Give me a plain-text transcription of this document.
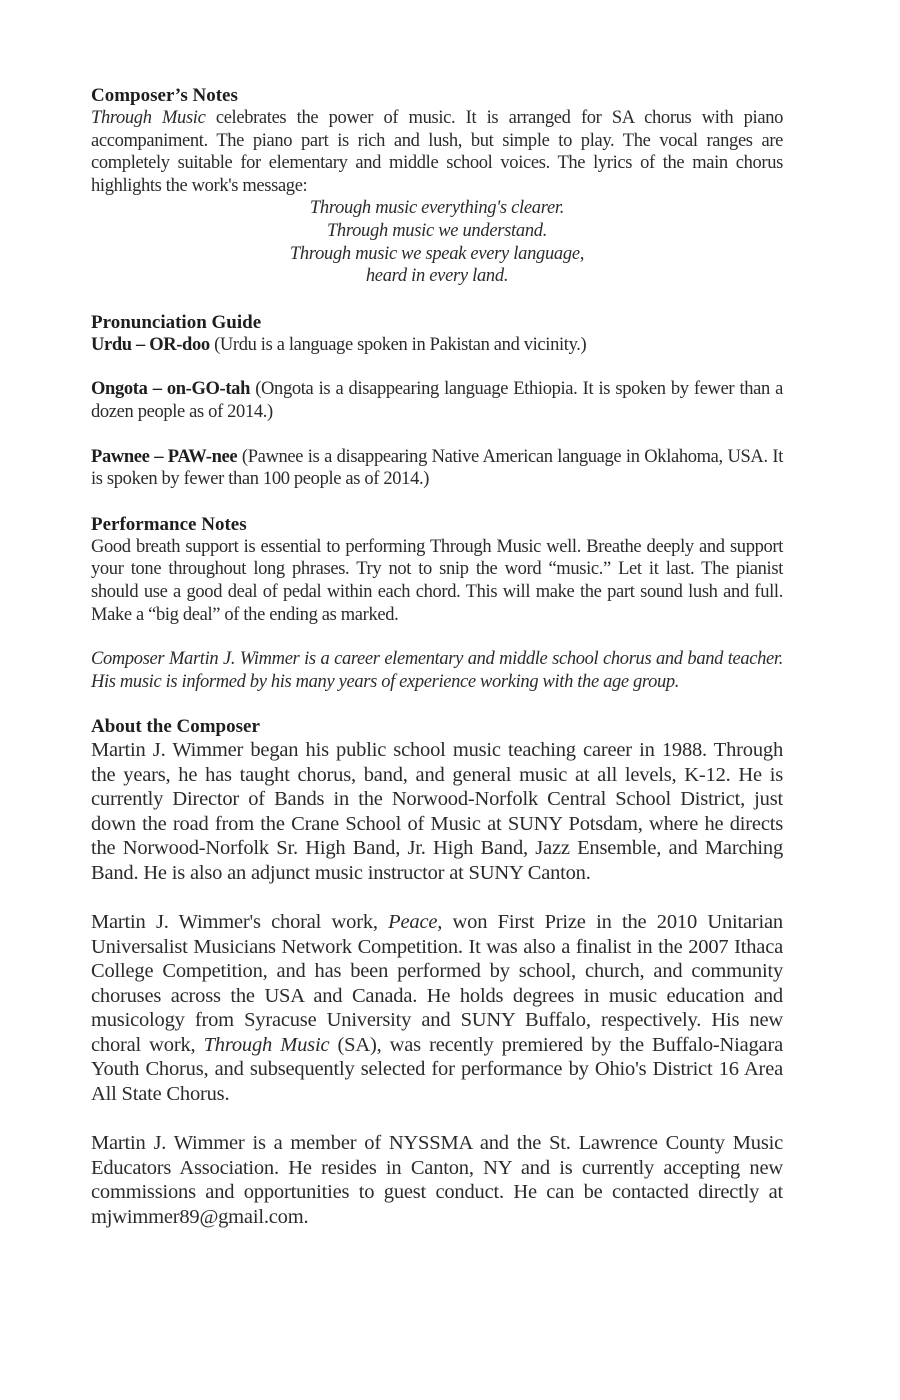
Composer’s Notes

Through Music celebrates the power of music. It is arranged for SA chorus with piano accompaniment. The piano part is rich and lush, but simple to play. The vocal ranges are completely suitable for elementary and middle school voices. The lyrics of the main chorus highlights the work's message:

Through music everything's clearer.
Through music we understand.
Through music we speak every language,
heard in every land.
Pronunciation Guide

Urdu – OR-doo (Urdu is a language spoken in Pakistan and vicinity.)

Ongota – on-GO-tah (Ongota is a disappearing language Ethiopia. It is spoken by fewer than a dozen people as of 2014.)

Pawnee – PAW-nee (Pawnee is a disappearing Native American language in Oklahoma, USA. It is spoken by fewer than 100 people as of 2014.)

Performance Notes

Good breath support is essential to performing Through Music well. Breathe deeply and support your tone throughout long phrases. Try not to snip the word “music.” Let it last. The pianist should use a good deal of pedal within each chord. This will make the part sound lush and full. Make a “big deal” of the ending as marked.

Composer Martin J. Wimmer is a career elementary and middle school chorus and band teacher. His music is informed by his many years of experience working with the age group.

About the Composer

Martin J. Wimmer began his public school music teaching career in 1988. Through the years, he has taught chorus, band, and general music at all levels, K-12. He is currently Director of Bands in the Norwood-Norfolk Central School District, just down the road from the Crane School of Music at SUNY Potsdam, where he directs the Norwood-Norfolk Sr. High Band, Jr. High Band, Jazz Ensemble, and Marching Band. He is also an adjunct music instructor at SUNY Canton.

Martin J. Wimmer's choral work, Peace, won First Prize in the 2010 Unitarian Universalist Musicians Network Competition. It was also a finalist in the 2007 Ithaca College Competition, and has been performed by school, church, and community choruses across the USA and Canada. He holds degrees in music education and musicology from Syracuse University and SUNY Buffalo, respectively. His new choral work, Through Music (SA), was recently premiered by the Buffalo-Niagara Youth Chorus, and subsequently selected for performance by Ohio's District 16 Area All State Chorus.

Martin J. Wimmer is a member of NYSSMA and the St. Lawrence County Music Educators Association. He resides in Canton, NY and is currently accepting new commissions and opportunities to guest conduct. He can be contacted directly at mjwimmer89@gmail.com.
